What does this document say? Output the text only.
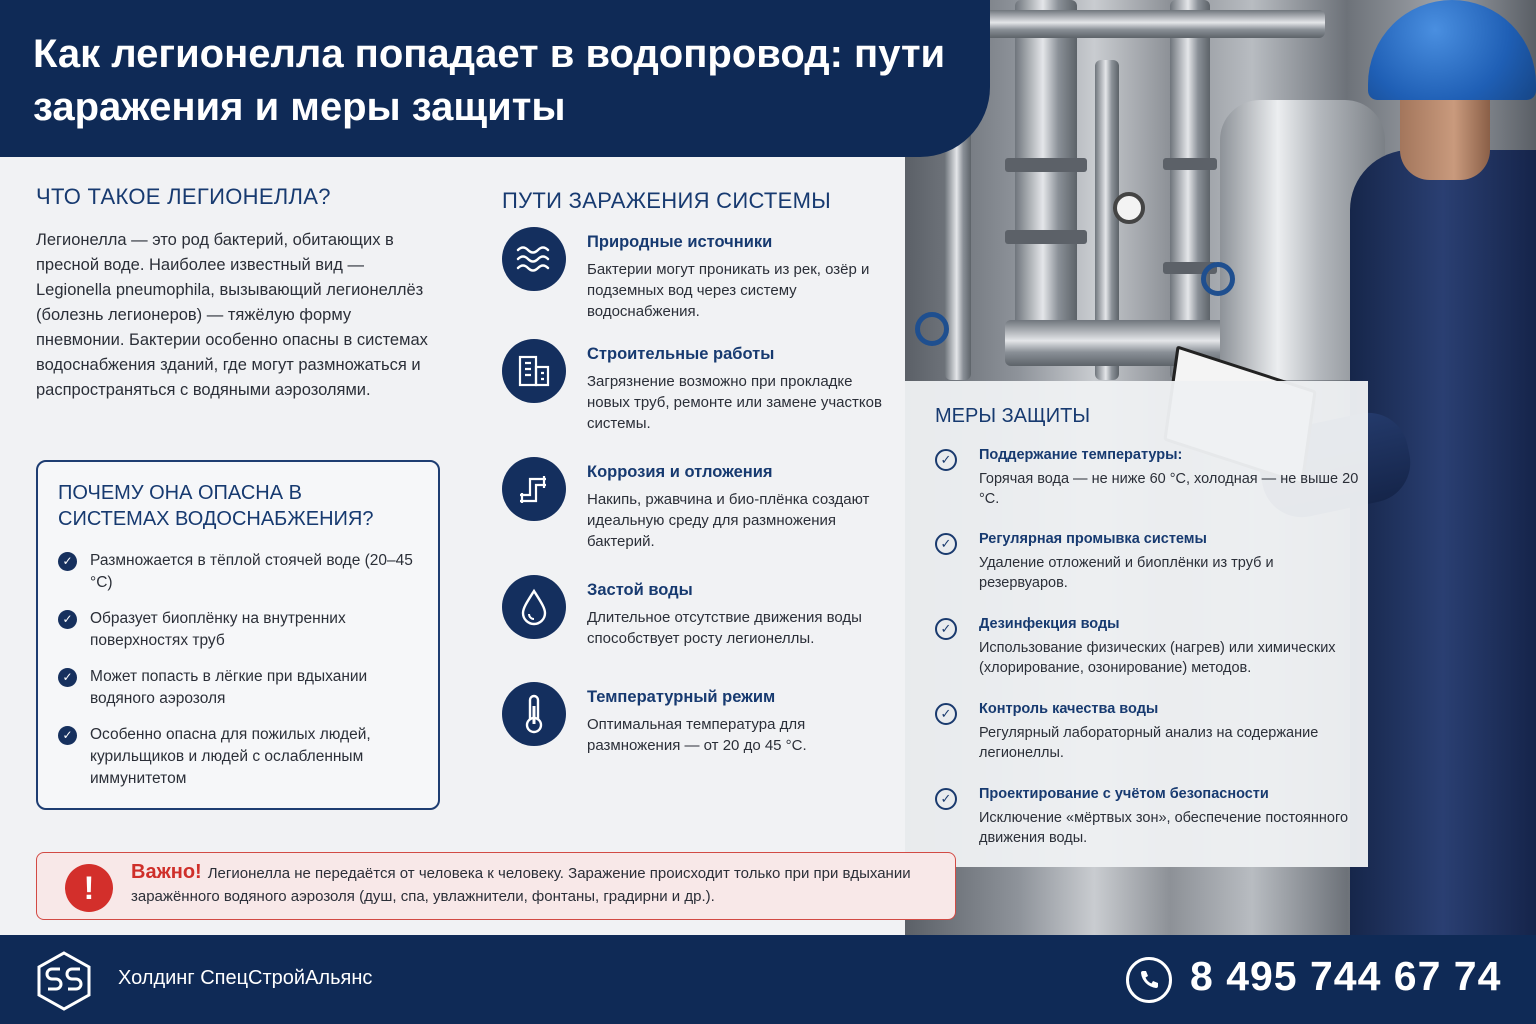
Как легионелла попадает в водопровод: пути заражения и меры защиты
ЧТО ТАКОЕ ЛЕГИОНЕЛЛА?

Легионелла — это род бактерий, обитающих в пресной воде. Наиболее известный вид — Legionella pneumophila, вызывающий легионеллёз (болезнь легионеров) — тяжёлую форму пневмонии. Бактерии особенно опасны в системах водоснабжения зданий, где могут размножаться и распространяться с водяными аэрозолями.

ПОЧЕМУ ОНА ОПАСНА В СИСТЕМАХ ВОДОСНАБЖЕНИЯ?
✓ Размножается в тёплой стоячей воде (20–45 °C)
✓ Образует биоплёнку на внутренних поверхностях труб
✓ Может попасть в лёгкие при вдыхании водяного аэрозоля
✓ Особенно опасна для пожилых людей, курильщиков и людей с ослабленным иммунитетом
ПУТИ ЗАРАЖЕНИЯ СИСТЕМЫ
Природные источники
Бактерии могут проникать из рек, озёр и подземных вод через систему водоснабжения.
Строительные работы
Загрязнение возможно при прокладке новых труб, ремонте или замене участков системы.
Коррозия и отложения
Накипь, ржавчина и био-плёнка создают идеальную среду для размножения бактерий.
Застой воды
Длительное отсутствие движения воды способствует росту легионеллы.
Температурный режим
Оптимальная температура для размножения — от 20 до 45 °C.
МЕРЫ ЗАЩИТЫ
✓	Поддержание температуры:
Горячая вода — не ниже 60 °C, холодная — не выше 20 °C.
✓	Регулярная промывка системы
Удаление отложений и биоплёнки из труб и резервуаров.
✓	Дезинфекция воды
Использование физических (нагрев) или химических (хлорирование, озонирование) методов.
✓	Контроль качества воды
Регулярный лабораторный анализ на содержание легионеллы.
✓	Проектирование с учётом безопасности
Исключение «мёртвых зон», обеспечение постоянного движения воды.
!	Важно! Легионелла не передаётся от человека к человеку. Заражение происходит только при при вдыхании заражённого водяного аэрозоля (душ, спа, увлажнители, фонтаны, градирни и др.).
Холдинг СпецСтройАльянс	8 495 744 67 74
